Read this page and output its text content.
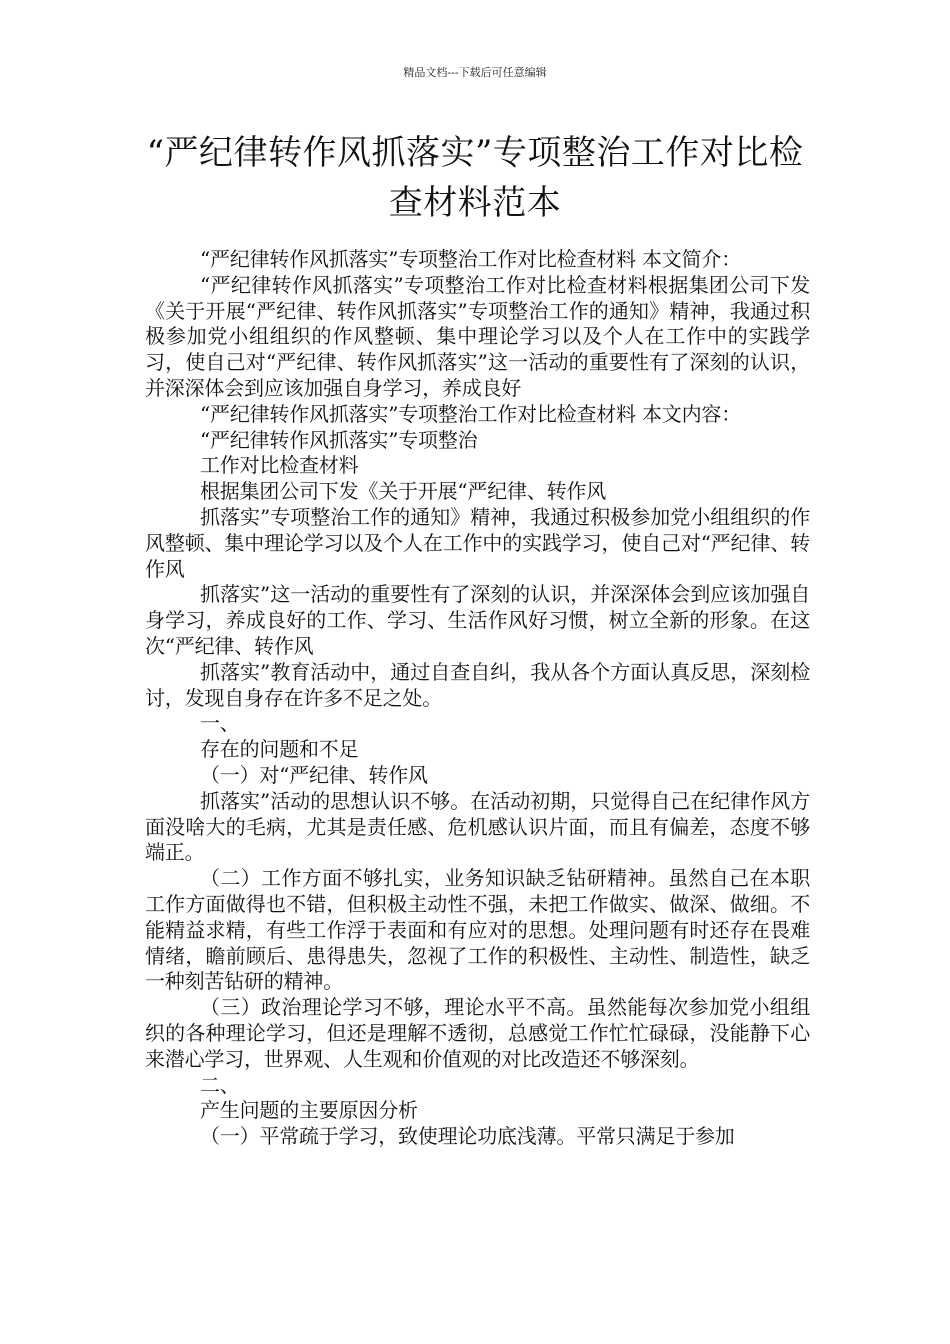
精品文档---下载后可任意编辑
“严纪律转作风抓落实”专项整治工作对比检查材料范本

“严纪律转作风抓落实”专项整治工作对比检查材料 本文简介：

“严纪律转作风抓落实”专项整治工作对比检查材料根据集团公司下发《关于开展“严纪律、转作风抓落实”专项整治工作的通知》精神，我通过积极参加党小组组织的作风整顿、集中理论学习以及个人在工作中的实践学习，使自己对“严纪律、转作风抓落实”这一活动的重要性有了深刻的认识，并深深体会到应该加强自身学习，养成良好

“严纪律转作风抓落实”专项整治工作对比检查材料 本文内容：

“严纪律转作风抓落实”专项整治

工作对比检查材料

根据集团公司下发《关于开展“严纪律、转作风

抓落实”专项整治工作的通知》精神，我通过积极参加党小组组织的作风整顿、集中理论学习以及个人在工作中的实践学习，使自己对“严纪律、转作风

抓落实”这一活动的重要性有了深刻的认识，并深深体会到应该加强自身学习，养成良好的工作、学习、生活作风好习惯，树立全新的形象。在这次“严纪律、转作风

抓落实”教育活动中，通过自查自纠，我从各个方面认真反思，深刻检讨，发现自身存在许多不足之处。

一、

存在的问题和不足

（一）对“严纪律、转作风

抓落实”活动的思想认识不够。在活动初期，只觉得自己在纪律作风方面没啥大的毛病，尤其是责任感、危机感认识片面，而且有偏差，态度不够端正。

（二）工作方面不够扎实，业务知识缺乏钻研精神。虽然自己在本职工作方面做得也不错，但积极主动性不强，未把工作做实、做深、做细。不能精益求精，有些工作浮于表面和有应对的思想。处理问题有时还存在畏难情绪，瞻前顾后、患得患失，忽视了工作的积极性、主动性、制造性，缺乏一种刻苦钻研的精神。

（三）政治理论学习不够，理论水平不高。虽然能每次参加党小组组织的各种理论学习，但还是理解不透彻，总感觉工作忙忙碌碌，没能静下心来潜心学习，世界观、人生观和价值观的对比改造还不够深刻。

二、

产生问题的主要原因分析

（一）平常疏于学习，致使理论功底浅薄。平常只满足于参加
